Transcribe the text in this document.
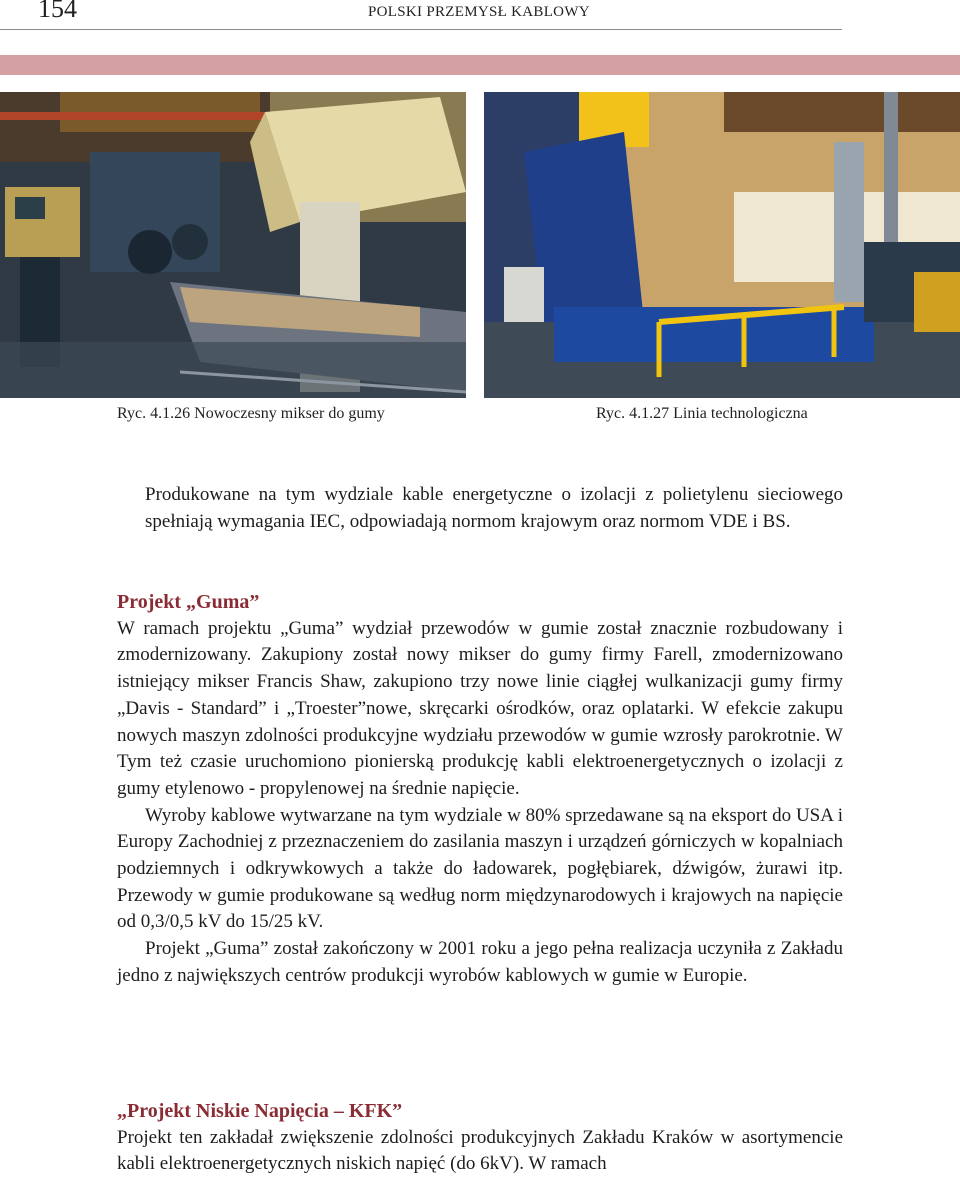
154	POLSKI PRZEMYSŁ KABLOWY
Ryc. 4.1.26 Nowoczesny mikser do gumy	Ryc. 4.1.27 Linia technologiczna

Produkowane na tym wydziale kable energetyczne o izolacji z polietylenu sieciowego spełniają wymagania IEC, odpowiadają normom krajowym oraz normom VDE i BS.

Projekt „Guma”

W ramach projektu „Guma” wydział przewodów w gumie został znacznie rozbudowany i zmodernizowany. Zakupiony został nowy mikser do gumy firmy Farell, zmodernizowano istniejący mikser Francis Shaw, zakupiono trzy nowe linie ciągłej wulkanizacji gumy firmy „Davis - Standard” i „Troester”nowe, skręcarki ośrodków, oraz oplatarki. W efekcie zakupu nowych maszyn zdolności produkcyjne wydziału przewodów w gumie wzrosły parokrotnie. W Tym też czasie uruchomiono pionierską produkcję kabli elektroenergetycznych o izolacji z gumy etylenowo - propylenowej na średnie napięcie.

Wyroby kablowe wytwarzane na tym wydziale w 80% sprzedawane są na eksport do USA i Europy Zachodniej z przeznaczeniem do zasilania maszyn i urządzeń górniczych w kopalniach podziemnych i odkrywkowych a także do ładowarek, pogłębiarek, dźwigów, żurawi itp. Przewody w gumie produkowane są według norm międzynarodowych i krajowych na napięcie od 0,3/0,5 kV do 15/25 kV.

Projekt „Guma” został zakończony w 2001 roku a jego pełna realizacja uczyniła z Zakładu jedno z największych centrów produkcji wyrobów kablowych w gumie w Europie.

„Projekt Niskie Napięcia – KFK”

Projekt ten zakładał zwiększenie zdolności produkcyjnych Zakładu Kraków w asortymencie kabli elektroenergetycznych niskich napięć (do 6kV). W ramach
